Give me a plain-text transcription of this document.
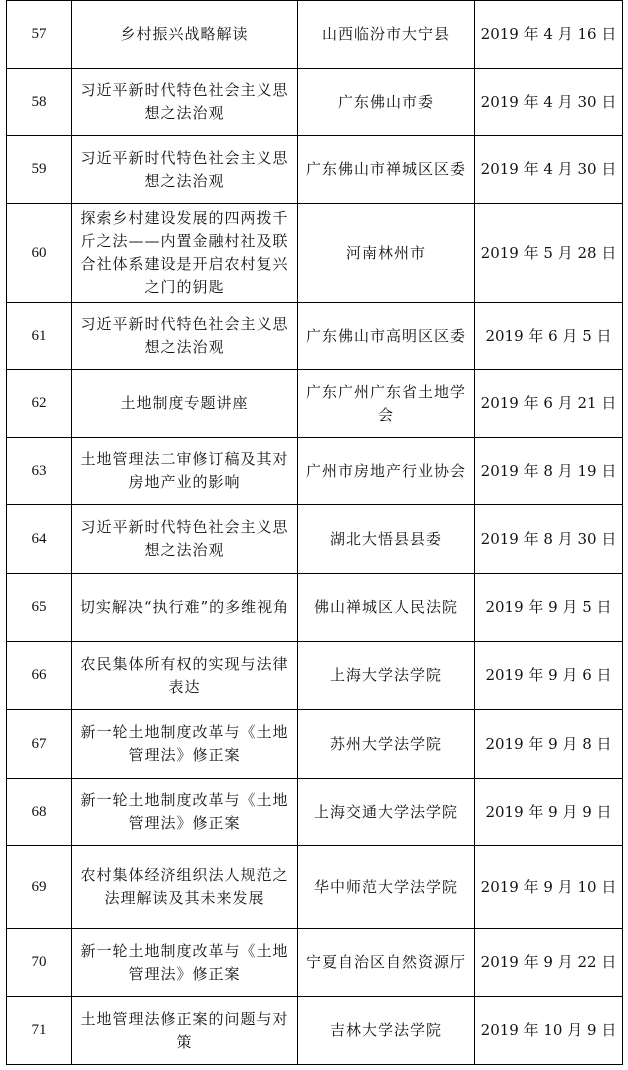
57	乡村振兴战略解读	山西临汾市大宁县	2019 年 4 月 16 日
58	习近平新时代特色社会主义思想之法治观	广东佛山市委	2019 年 4 月 30 日
59	习近平新时代特色社会主义思想之法治观	广东佛山市禅城区区委	2019 年 4 月 30 日
60	探索乡村建设发展的四两拨千斤之法——内置金融村社及联合社体系建设是开启农村复兴之门的钥匙	河南林州市	2019 年 5 月 28 日
61	习近平新时代特色社会主义思想之法治观	广东佛山市高明区区委	2019 年 6 月 5 日
62	土地制度专题讲座	广东广州广东省土地学会	2019 年 6 月 21 日
63	土地管理法二审修订稿及其对房地产业的影响	广州市房地产行业协会	2019 年 8 月 19 日
64	习近平新时代特色社会主义思想之法治观	湖北大悟县县委	2019 年 8 月 30 日
65	切实解决“执行难”的多维视角	佛山禅城区人民法院	2019 年 9 月 5 日
66	农民集体所有权的实现与法律表达	上海大学法学院	2019 年 9 月 6 日
67	新一轮土地制度改革与《土地管理法》修正案	苏州大学法学院	2019 年 9 月 8 日
68	新一轮土地制度改革与《土地管理法》修正案	上海交通大学法学院	2019 年 9 月 9 日
69	农村集体经济组织法人规范之法理解读及其未来发展	华中师范大学法学院	2019 年 9 月 10 日
70	新一轮土地制度改革与《土地管理法》修正案	宁夏自治区自然资源厅	2019 年 9 月 22 日
71	土地管理法修正案的问题与对策	吉林大学法学院	2019 年 10 月 9 日
